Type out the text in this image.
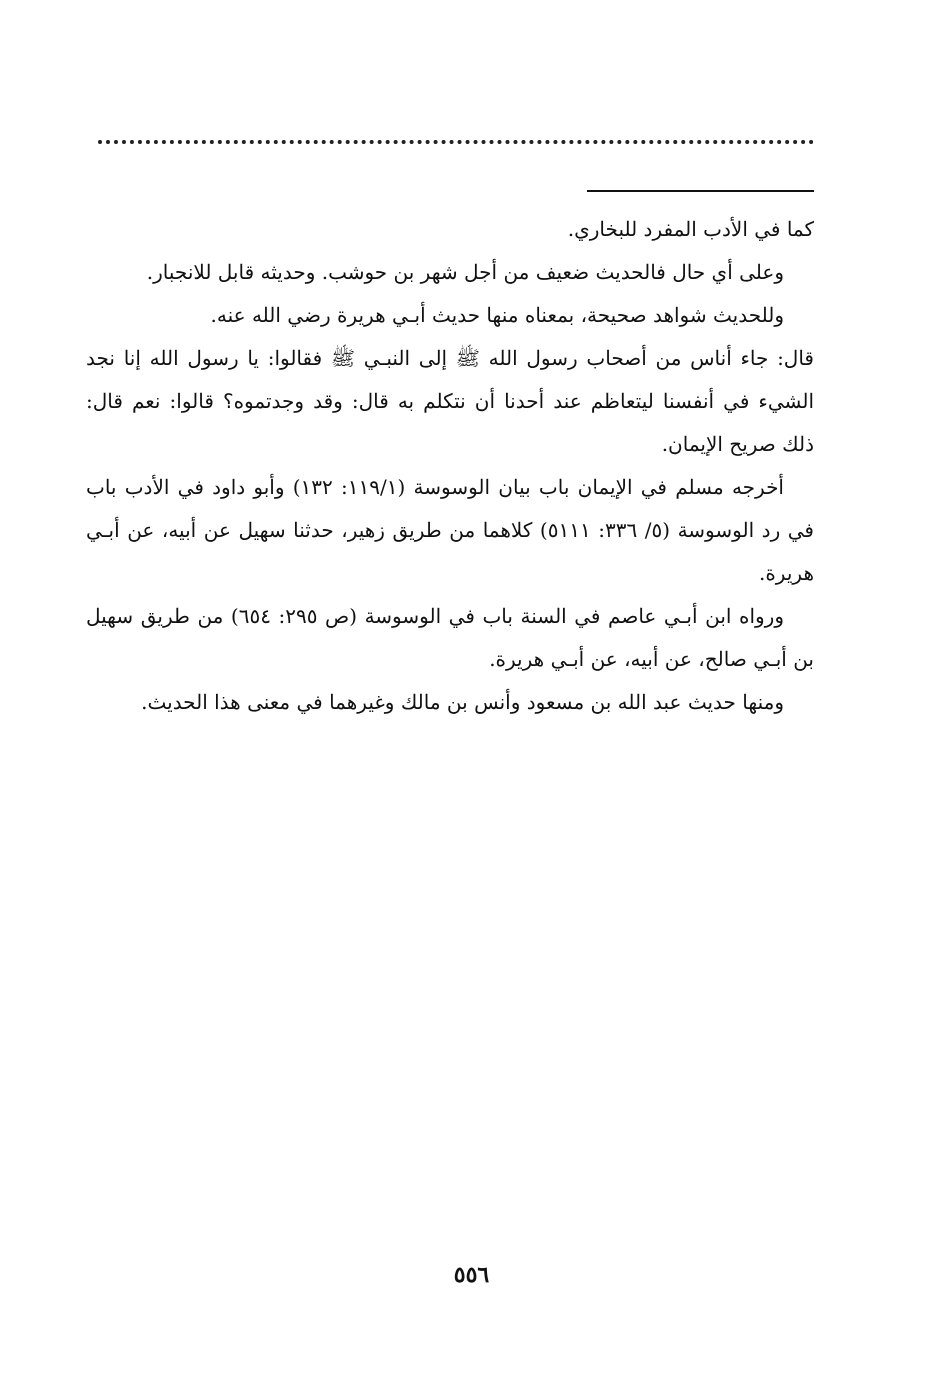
كما في الأدب المفرد للبخاري.

وعلى أي حال فالحديث ضعيف من أجل شهر بن حوشب. وحديثه قابل للانجبار.

وللحديث شواهد صحيحة، بمعناه منها حديث أبـي هريرة رضي الله عنه.

قال: جاء أناس من أصحاب رسول الله ﷺ إلى النبـي ﷺ فقالوا: يا رسول الله إنا نجد الشيء في أنفسنا ليتعاظم عند أحدنا أن نتكلم به قال: وقد وجدتموه؟ قالوا: نعم قال: ذلك صريح الإيمان.

أخرجه مسلم في الإيمان باب بيان الوسوسة (١١٩/١: ١٣٢) وأبو داود في الأدب باب في رد الوسوسة (٥/ ٣٣٦: ٥١١١) كلاهما من طريق زهير، حدثنا سهيل عن أبيه، عن أبـي هريرة.

ورواه ابن أبـي عاصم في السنة باب في الوسوسة (ص ٢٩٥: ٦٥٤) من طريق سهيل بن أبـي صالح، عن أبيه، عن أبـي هريرة.

ومنها حديث عبد الله بن مسعود وأنس بن مالك وغيرهما في معنى هذا الحديث.

٥٥٦
